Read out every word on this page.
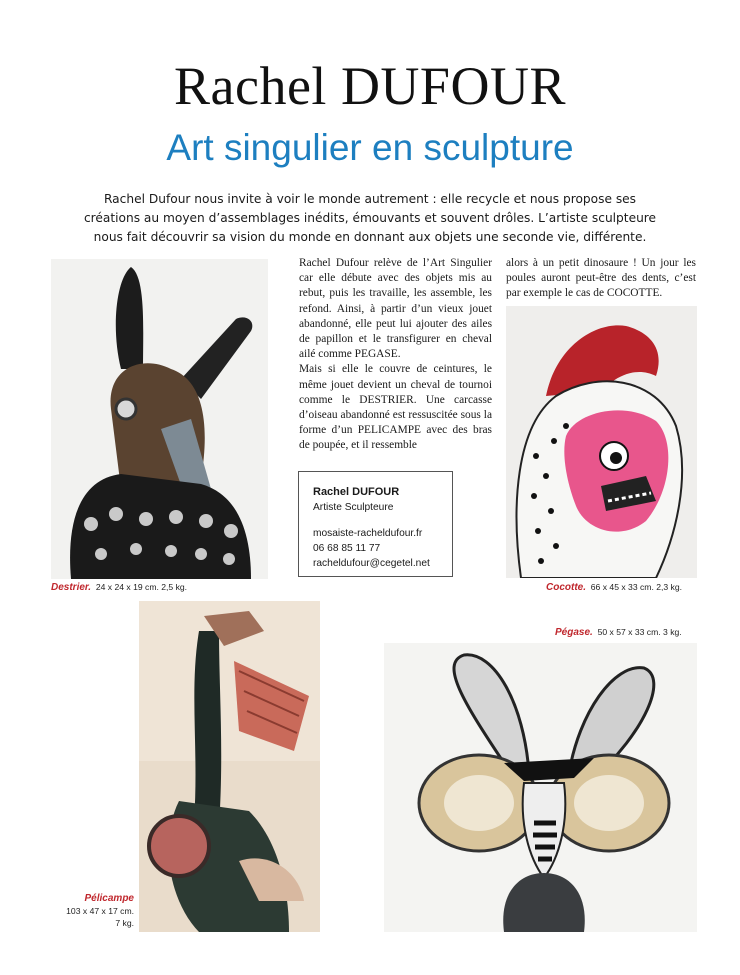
Rachel DUFOUR
Art singulier en sculpture

Rachel Dufour nous invite à voir le monde autrement : elle recycle et nous propose ses créations au moyen d’assemblages inédits, émouvants et souvent drôles. L’artiste sculpteure nous fait découvrir sa vision du monde en donnant aux objets une seconde vie, différente.

Destrier. 24 x 24 x 19 cm. 2,5 kg.

Rachel Dufour relève de l’Art Singulier car elle débute avec des objets mis au rebut, puis les travaille, les assemble, les refond. Ainsi, à partir d’un vieux jouet abandonné, elle peut lui ajouter des ailes de papillon et le transfigurer en cheval ailé comme PEGASE.

Mais si elle le couvre de ceintures, le même jouet devient un cheval de tournoi comme le DESTRIER. Une carcasse d’oiseau abandonné est ressuscitée sous la forme d’un PELICAMPE avec des bras de poupée, et il ressemble

Rachel DUFOUR
Artiste Sculpteure
mosaiste-racheldufour.fr
06 68 85 11 77
racheldufour@cegetel.net

alors à un petit dinosaure ! Un jour les poules auront peut-être des dents, c’est par exemple le cas de COCOTTE.

Cocotte. 66 x 45 x 33 cm. 2,3 kg.
Pégase. 50 x 57 x 33 cm. 3 kg.
Pélicampe
103 x 47 x 17 cm.
7 kg.
